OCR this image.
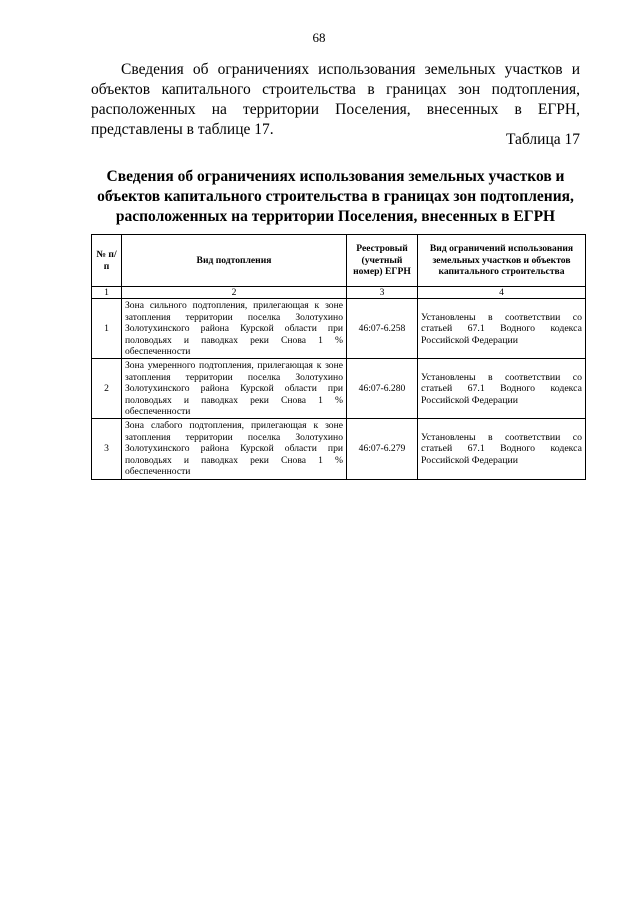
68

Сведения об ограничениях использования земельных участков и объектов капитального строительства в границах зон подтопления, расположенных на территории Поселения, внесенных в ЕГРН, представлены в таблице 17.

Таблица 17

Сведения об ограничениях использования земельных участков и объектов капитального строительства в границах зон подтопления, расположенных на территории Поселения, внесенных в ЕГРН

№ п/п	Вид подтопления	Реестровый (учетный номер) ЕГРН	Вид ограничений использования земельных участков и объектов капитального строительства
1	2	3	4
1	Зона сильного подтопления, прилегающая к зоне затопления территории поселка Золотухино Золотухинского района Курской области при половодьях и паводках реки Снова 1 % обеспеченности	46:07-6.258	Установлены в соответствии со статьей 67.1 Водного кодекса Российской Федерации
2	Зона умеренного подтопления, прилегающая к зоне затопления территории поселка Золотухино Золотухинского района Курской области при половодьях и паводках реки Снова 1 % обеспеченности	46:07-6.280	Установлены в соответствии со статьей 67.1 Водного кодекса Российской Федерации
3	Зона слабого подтопления, прилегающая к зоне затопления территории поселка Золотухино Золотухинского района Курской области при половодьях и паводках реки Снова 1 % обеспеченности	46:07-6.279	Установлены в соответствии со статьей 67.1 Водного кодекса Российской Федерации
